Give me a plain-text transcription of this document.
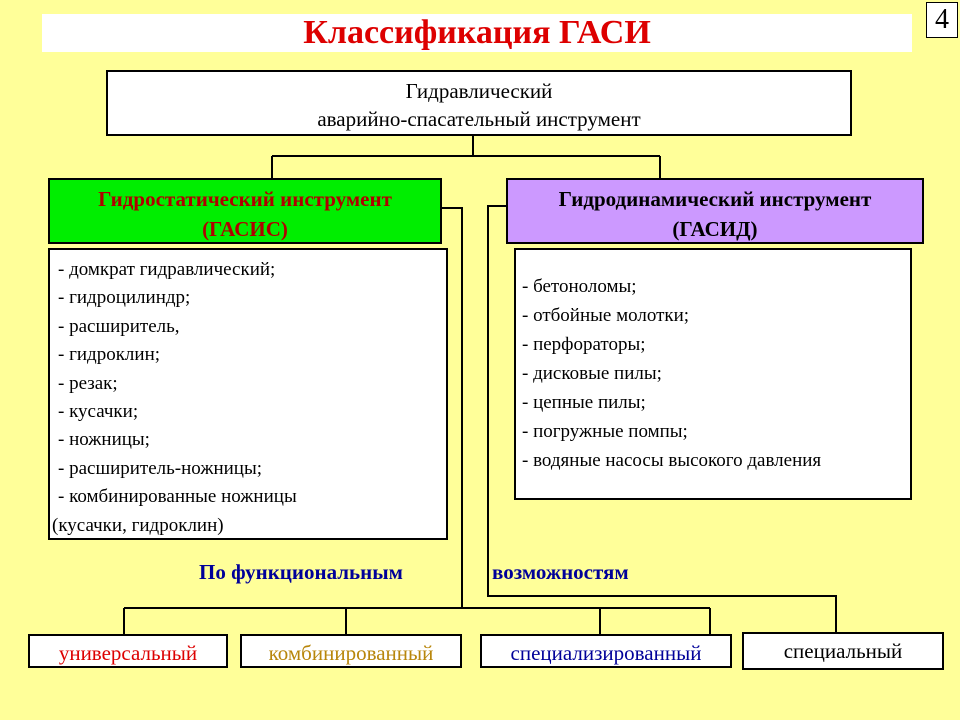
Классификация ГАСИ	4
Гидравлический
аварийно-спасательный инструмент
Гидростатический инструмент
(ГАСИС)
Гидродинамический инструмент
(ГАСИД)
- домкрат гидравлический;
- гидроцилиндр;
- расширитель,
- гидроклин;
- резак;
- кусачки;
- ножницы;
- расширитель-ножницы;
- комбинированные ножницы
(кусачки, гидроклин)
- бетоноломы;
- отбойные молотки;
- перфораторы;
- дисковые пилы;
- цепные пилы;
- погружные помпы;
- водяные насосы высокого давления
По функциональным	возможностям
универсальный	комбинированный	специализированный	специальный
